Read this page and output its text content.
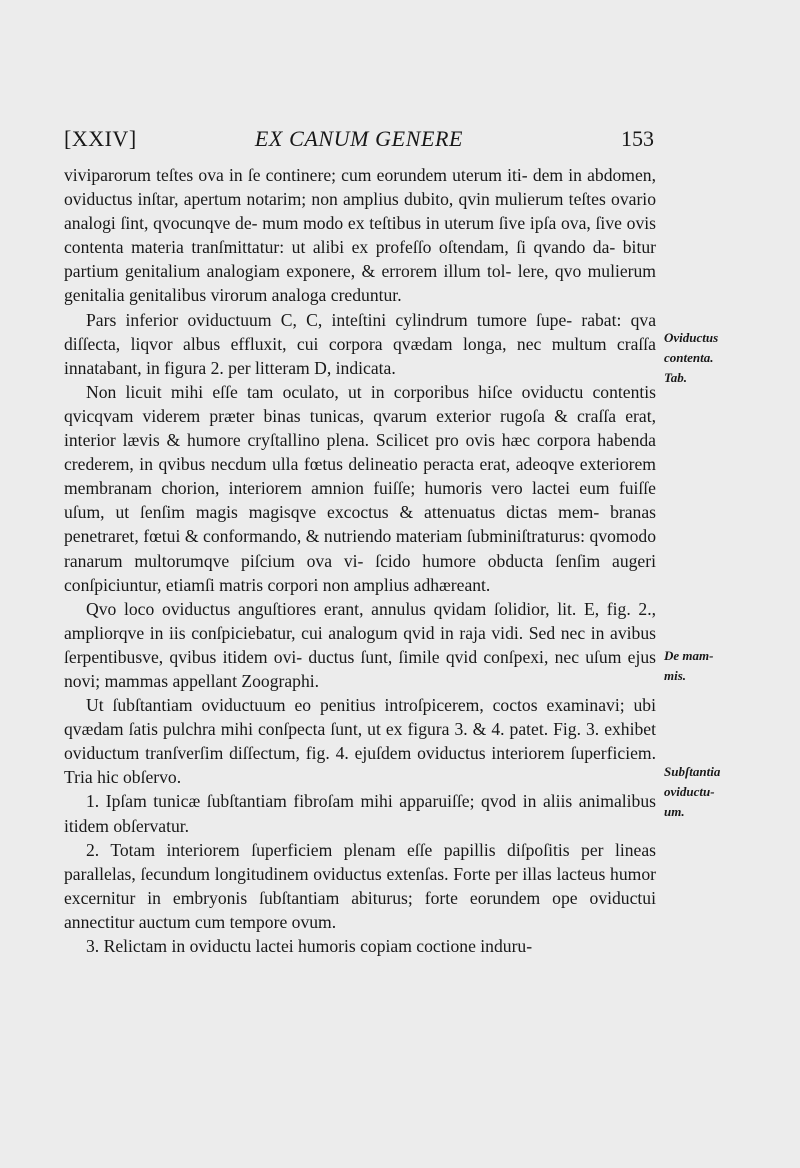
[XXIV]	EX CANUM GENERE	153

viviparorum teſtes ova in ſe continere; cum eorundem uterum iti- dem in abdomen, oviductus inſtar, apertum notarim; non amplius dubito, qvin mulierum teſtes ovario analogi ſint, qvocunqve de- mum modo ex teſtibus in uterum ſive ipſa ova, ſive ovis contenta materia tranſmittatur: ut alibi ex profeſſo oſtendam, ſi qvando da- bitur partium genitalium analogiam exponere, & errorem illum tol- lere, qvo mulierum genitalia genitalibus virorum analoga creduntur.

Pars inferior oviductuum C, C, inteſtini cylindrum tumore ſupe- rabat: qva diſſecta, liqvor albus effluxit, cui corpora qvædam longa, nec multum craſſa innatabant, in figura 2. per litteram D, indicata.

Non licuit mihi eſſe tam oculato, ut in corporibus hiſce oviductu contentis qvicqvam viderem præter binas tunicas, qvarum exterior rugoſa & craſſa erat, interior lævis & humore cryſtallino plena. Scilicet pro ovis hæc corpora habenda crederem, in qvibus necdum ulla fœtus delineatio peracta erat, adeoqve exteriorem membranam chorion, interiorem amnion fuiſſe; humoris vero lactei eum fuiſſe uſum, ut ſenſim magis magisqve excoctus & attenuatus dictas mem- branas penetraret, fœtui & conformando, & nutriendo materiam ſubminiſtraturus: qvomodo ranarum multorumqve piſcium ova vi- ſcido humore obducta ſenſim augeri conſpiciuntur, etiamſi matris corpori non amplius adhæreant.

Qvo loco oviductus anguſtiores erant, annulus qvidam ſolidior, lit. E, fig. 2., ampliorqve in iis conſpiciebatur, cui analogum qvid in raja vidi. Sed nec in avibus ſerpentibusve, qvibus itidem ovi- ductus ſunt, ſimile qvid conſpexi, nec uſum ejus novi; mammas appellant Zoographi.

Ut ſubſtantiam oviductuum eo penitius introſpicerem, coctos examinavi; ubi qvædam ſatis pulchra mihi conſpecta ſunt, ut ex figura 3. & 4. patet. Fig. 3. exhibet oviductum tranſverſim diſſectum, fig. 4. ejuſdem oviductus interiorem ſuperficiem. Tria hic obſervo.

1. Ipſam tunicæ ſubſtantiam fibroſam mihi apparuiſſe; qvod in aliis animalibus itidem obſervatur.

2. Totam interiorem ſuperficiem plenam eſſe papillis diſpoſitis per lineas parallelas, ſecundum longitudinem oviductus extenſas. Forte per illas lacteus humor excernitur in embryonis ſubſtantiam abiturus; forte eorundem ope oviductui annectitur auctum cum tempore ovum.

3. Relictam in oviductu lactei humoris copiam coctione induru-

Oviductus
contenta.
Tab.
De mam-
mis.
Subſtantia
oviductu-
um.
